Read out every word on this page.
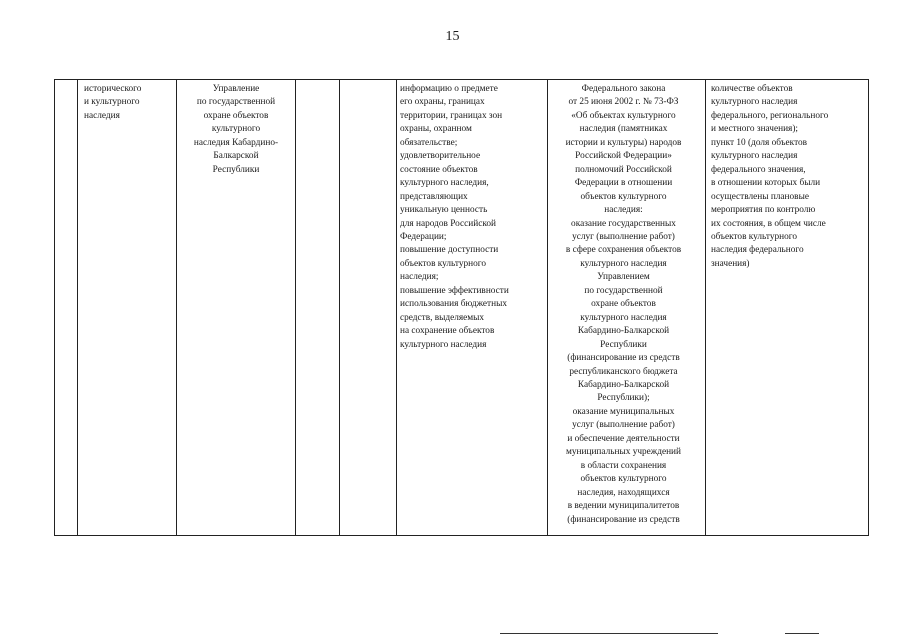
15
исторического
и культурного
наследия
Управление
по государственной
охране объектов
культурного
наследия Кабардино-
Балкарской
Республики
информацию о предмете
его охраны, границах
территории, границах зон
охраны, охранном
обязательстве;
удовлетворительное
состояние объектов
культурного наследия,
представляющих
уникальную ценность
для народов Российской
Федерации;
повышение доступности
объектов культурного
наследия;
повышение эффективности
использования бюджетных
средств, выделяемых
на сохранение объектов
культурного наследия
Федерального закона
от 25 июня 2002 г. № 73-ФЗ
«Об объектах культурного
наследия (памятниках
истории и культуры) народов
Российской Федерации»
полномочий Российской
Федерации в отношении
объектов культурного
наследия:
оказание государственных
услуг (выполнение работ)
в сфере сохранения объектов
культурного наследия
Управлением
по государственной
охране объектов
культурного наследия
Кабардино-Балкарской
Республики
(финансирование из средств
республиканского бюджета
Кабардино-Балкарской
Республики);
оказание муниципальных
услуг (выполнение работ)
и обеспечение деятельности
муниципальных учреждений
в области сохранения
объектов культурного
наследия, находящихся
в ведении муниципалитетов
(финансирование из средств
количестве объектов
культурного наследия
федерального, регионального
и местного значения);
пункт 10 (доля объектов
культурного наследия
федерального значения,
в отношении которых были
осуществлены плановые
мероприятия по контролю
их состояния, в общем числе
объектов культурного
наследия федерального
значения)
